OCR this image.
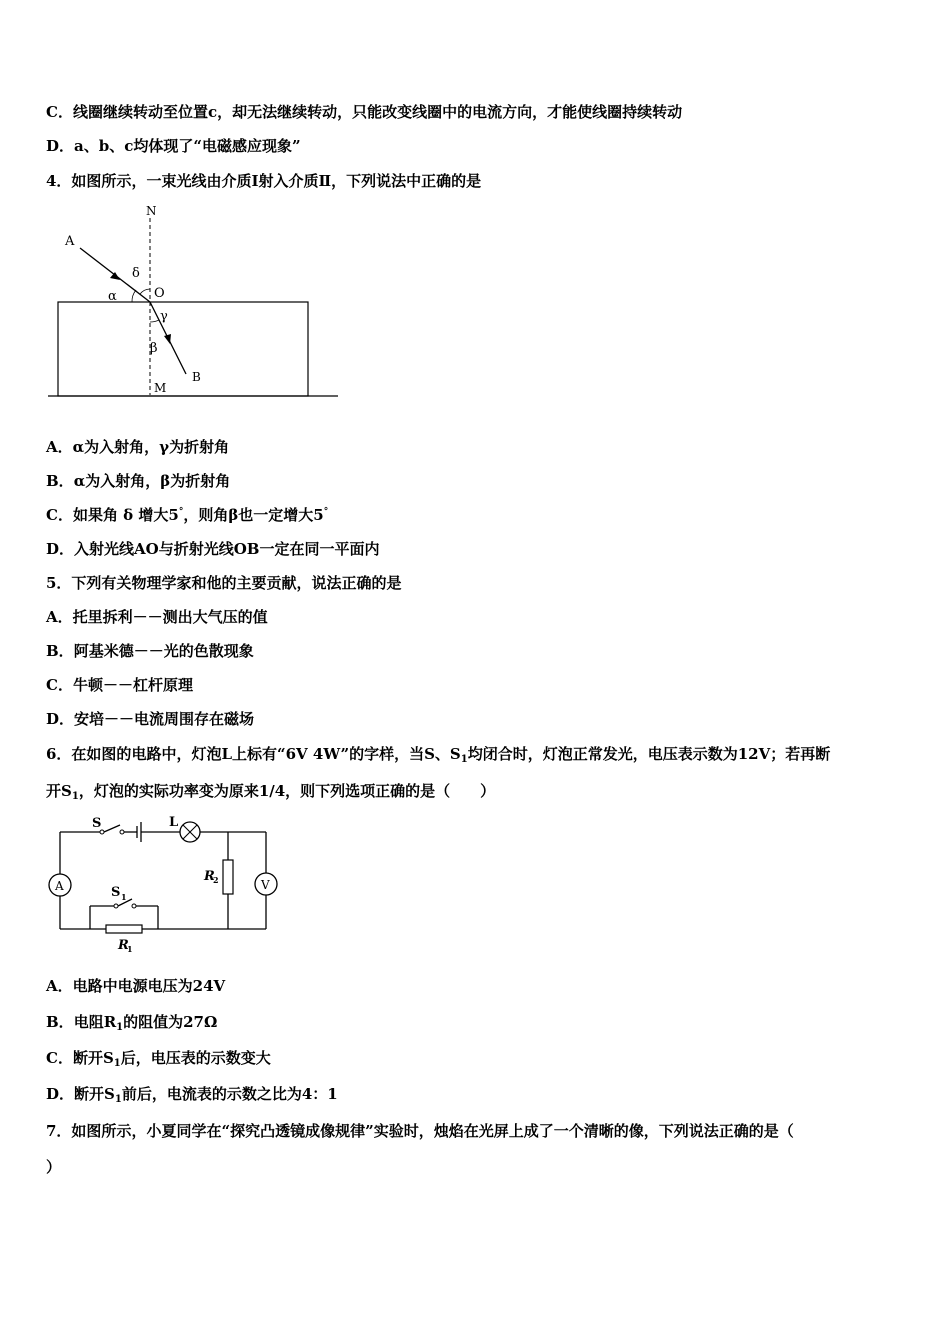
C．线圈继续转动至位置c，却无法继续转动，只能改变线圈中的电流方向，才能使线圈持续转动
D．a、b、c均体现了“电磁感应现象”
4．如图所示，一束光线由介质Ⅰ射入介质Ⅱ，下列说法中正确的是
N
A
δ
α	O
γ
β
B
M
A．α为入射角，γ为折射角
B．α为入射角，β为折射角
C．如果角 δ 增大5°，则角β也一定增大5°
D．入射光线AO与折射光线OB一定在同一平面内
5．下列有关物理学家和他的主要贡献，说法正确的是
A．托里拆利－－测出大气压的值
B．阿基米德－－光的色散现象
C．牛顿－－杠杆原理
D．安培－－电流周围存在磁场
6．在如图的电路中，灯泡L上标有“6V 4W”的字样，当S、$S_1$均闭合时，灯泡正常发光，电压表示数为12V；若再断
开$S_1$，灯泡的实际功率变为原来1/4，则下列选项正确的是（　　）
S	L
A	V
S 1
R
1
R
2
A．电路中电源电压为24V
B．电阻$R_1$的阻值为27Ω
C．断开$S_1$后，电压表的示数变大
D．断开$S_1$前后，电流表的示数之比为4：1
7．如图所示，小夏同学在“探究凸透镜成像规律”实验时，烛焰在光屏上成了一个清晰的像，下列说法正确的是（
）
